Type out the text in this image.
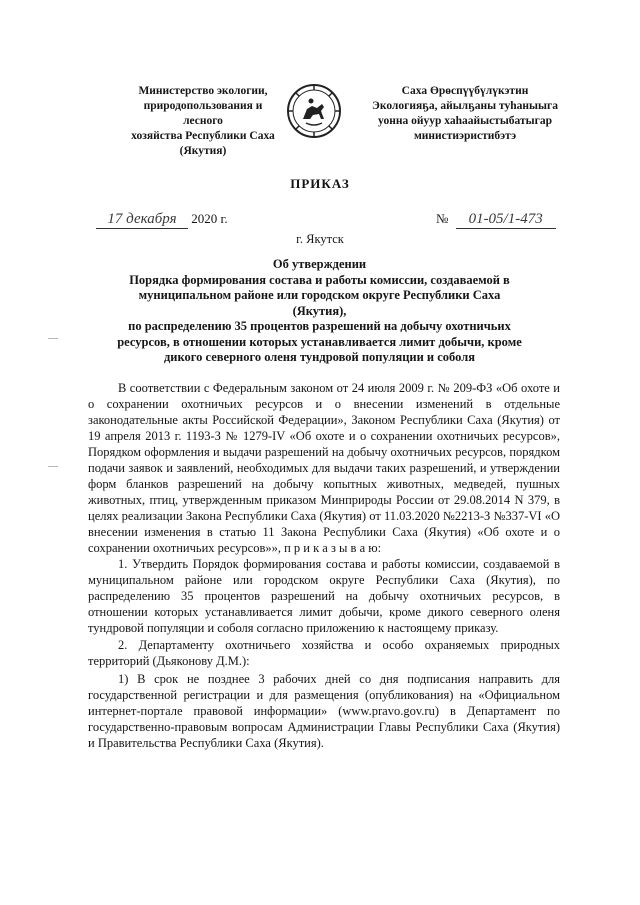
Министерство экологии,
природопользования и лесного
хозяйства Республики Саха
(Якутия)
Саха Өрөспүүбүлүкэтин
Экологияҕа, айылҕаны туһаныыга
уонна ойуур хаһаайыстыбатыгар
министиэристибэтэ
ПРИКАЗ
17 декабря 2020 г.	№ 01-05/1-473
г. Якутск
Об утверждении
Порядка формирования состава и работы комиссии, создаваемой в
муниципальном районе или городском округе Республики Саха (Якутия),
по распределению 35 процентов разрешений на добычу охотничьих
ресурсов, в отношении которых устанавливается лимит добычи, кроме
дикого северного оленя тундровой популяции и соболя

В соответствии с Федеральным законом от 24 июля 2009 г. № 209-ФЗ «Об охоте и о сохранении охотничьих ресурсов и о внесении изменений в отдельные законодательные акты Российской Федерации», Законом Республики Саха (Якутия) от 19 апреля 2013 г. 1193-З № 1279-IV «Об охоте и о сохранении охотничьих ресурсов», Порядком оформления и выдачи разрешений на добычу охотничьих ресурсов, порядком подачи заявок и заявлений, необходимых для выдачи таких разрешений, и утверждении форм бланков разрешений на добычу копытных животных, медведей, пушных животных, птиц, утвержденным приказом Минприроды России от 29.08.2014 N 379, в целях реализации Закона Республики Саха (Якутия) от 11.03.2020 №2213-З №337-VI «О внесении изменения в статью 11 Закона Республики Саха (Якутия) «Об охоте и о сохранении охотничьих ресурсов»», п р и к а з ы в а ю:

1. Утвердить Порядок формирования состава и работы комиссии, создаваемой в муниципальном районе или городском округе Республики Саха (Якутия), по распределению 35 процентов разрешений на добычу охотничьих ресурсов, в отношении которых устанавливается лимит добычи, кроме дикого северного оленя тундровой популяции и соболя согласно приложению к настоящему приказу.

2. Департаменту охотничьего хозяйства и особо охраняемых природных территорий (Дьяконову Д.М.):

1) В срок не позднее 3 рабочих дней со дня подписания направить для государственной регистрации и для размещения (опубликования) на «Официальном интернет-портале правовой информации» (www.pravo.gov.ru) в Департамент по государственно-правовым вопросам Администрации Главы Республики Саха (Якутия) и Правительства Республики Саха (Якутия).
